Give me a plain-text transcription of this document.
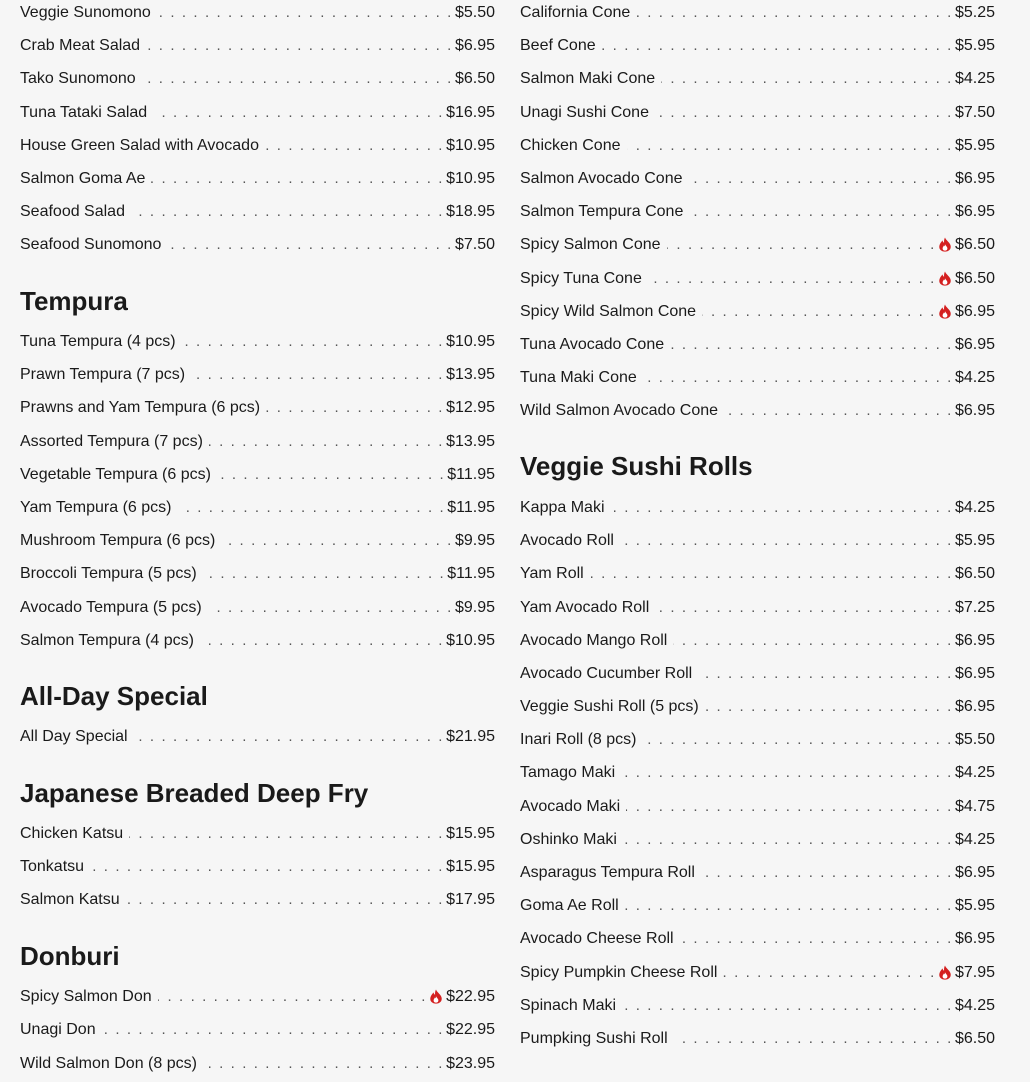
Veggie Sunomono . . .	$5.50
Crab Meat Salad . . .	$6.95
Tako Sunomono . . .	$6.50
Tuna Tataki Salad . . .	$16.95
House Green Salad with Avocado . . .	$10.95
Salmon Goma Ae . . .	$10.95
Seafood Salad . . .	$18.95
Seafood Sunomono . . .	$7.50
Tempura
Tuna Tempura (4 pcs) . . .	$10.95
Prawn Tempura (7 pcs) . . .	$13.95
Prawns and Yam Tempura (6 pcs) . . .	$12.95
Assorted Tempura (7 pcs) . . .	$13.95
Vegetable Tempura (6 pcs) . . .	$11.95
Yam Tempura (6 pcs) . . .	$11.95
Mushroom Tempura (6 pcs) . . .	$9.95
Broccoli Tempura (5 pcs) . . .	$11.95
Avocado Tempura (5 pcs) . . .	$9.95
Salmon Tempura (4 pcs) . . .	$10.95
All-Day Special
All Day Special . . .	$21.95
Japanese Breaded Deep Fry
Chicken Katsu . . .	$15.95
Tonkatsu . . .	$15.95
Salmon Katsu . . .	$17.95
Donburi
Spicy Salmon Don . . .	$22.95
Unagi Don . . .	$22.95
Wild Salmon Don (8 pcs) . . .	$23.95
California Cone . . .	$5.25
Beef Cone . . .	$5.95
Salmon Maki Cone . . .	$4.25
Unagi Sushi Cone . . .	$7.50
Chicken Cone . . .	$5.95
Salmon Avocado Cone . . .	$6.95
Salmon Tempura Cone . . .	$6.95
Spicy Salmon Cone . . .	$6.50
Spicy Tuna Cone . . .	$6.50
Spicy Wild Salmon Cone . . .	$6.95
Tuna Avocado Cone . . .	$6.95
Tuna Maki Cone . . .	$4.25
Wild Salmon Avocado Cone . . .	$6.95
Veggie Sushi Rolls
Kappa Maki . . .	$4.25
Avocado Roll . . .	$5.95
Yam Roll . . .	$6.50
Yam Avocado Roll . . .	$7.25
Avocado Mango Roll . . .	$6.95
Avocado Cucumber Roll . . .	$6.95
Veggie Sushi Roll (5 pcs) . . .	$6.95
Inari Roll (8 pcs) . . .	$5.50
Tamago Maki . . .	$4.25
Avocado Maki . . .	$4.75
Oshinko Maki . . .	$4.25
Asparagus Tempura Roll . . .	$6.95
Goma Ae Roll . . .	$5.95
Avocado Cheese Roll . . .	$6.95
Spicy Pumpkin Cheese Roll . . .	$7.95
Spinach Maki . . .	$4.25
Pumpking Sushi Roll . . .	$6.50
